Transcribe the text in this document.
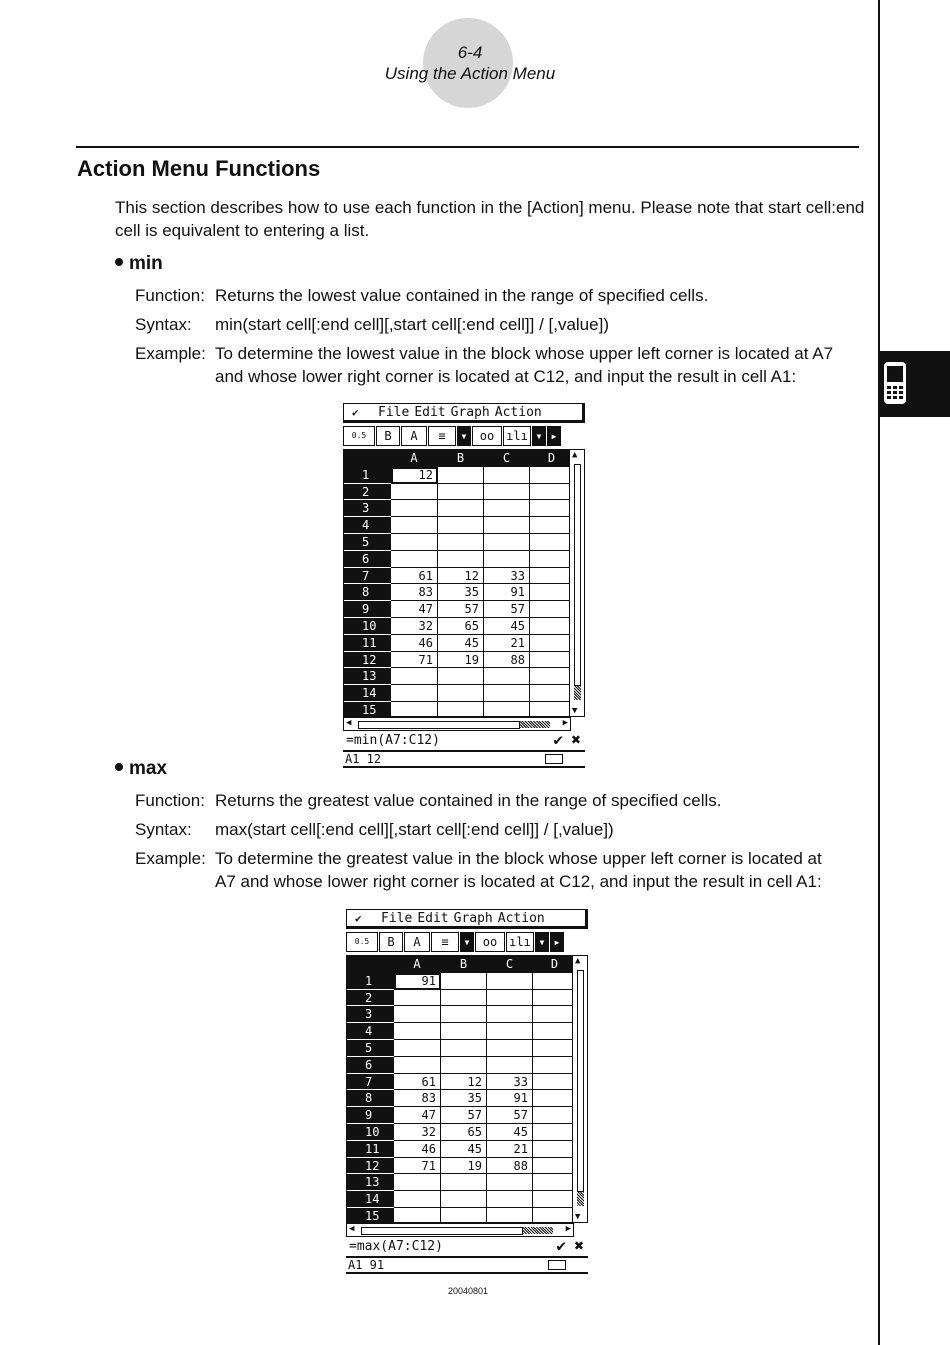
6-4
Using the Action Menu
Action Menu Functions

This section describes how to use each function in the [Action] menu. Please note that start cell:end cell is equivalent to entering a list.

min
Function: Returns the lowest value contained in the range of specified cells.
Syntax:	min(start cell[:end cell][,start cell[:end cell]] / [,value])
Example: To determine the lowest value in the block whose upper left corner is located at A7
and whose lower right corner is located at C12, and input the result in cell A1:
✔ File Edit Graph Action
0.5	B	A	≡	▾	oo ılı ▾ ▸
A	B	C	D
1	12
2
3
4
5
6
7	61	12	33
8	83	35	91
9	47	57	57
10	32	65	45
11	46	45	21
12	71	19	88
13
14
15
▲
▼
◀	▶
=min(A7:C12)	✔ ✖
A1 12
max
Function: Returns the greatest value contained in the range of specified cells.
Syntax:	max(start cell[:end cell][,start cell[:end cell]] / [,value])
Example: To determine the greatest value in the block whose upper left corner is located at
A7 and whose lower right corner is located at C12, and input the result in cell A1:
✔ File Edit Graph Action
0.5	B	A	≡	▾	oo ılı ▾ ▸
A	B	C	D
1	91
2
3
4
5
6
7	61	12	33
8	83	35	91
9	47	57	57
10	32	65	45
11	46	45	21
12	71	19	88
13
14
15
▲
▼
◀	▶
=max(A7:C12)	✔ ✖
A1 91
20040801
